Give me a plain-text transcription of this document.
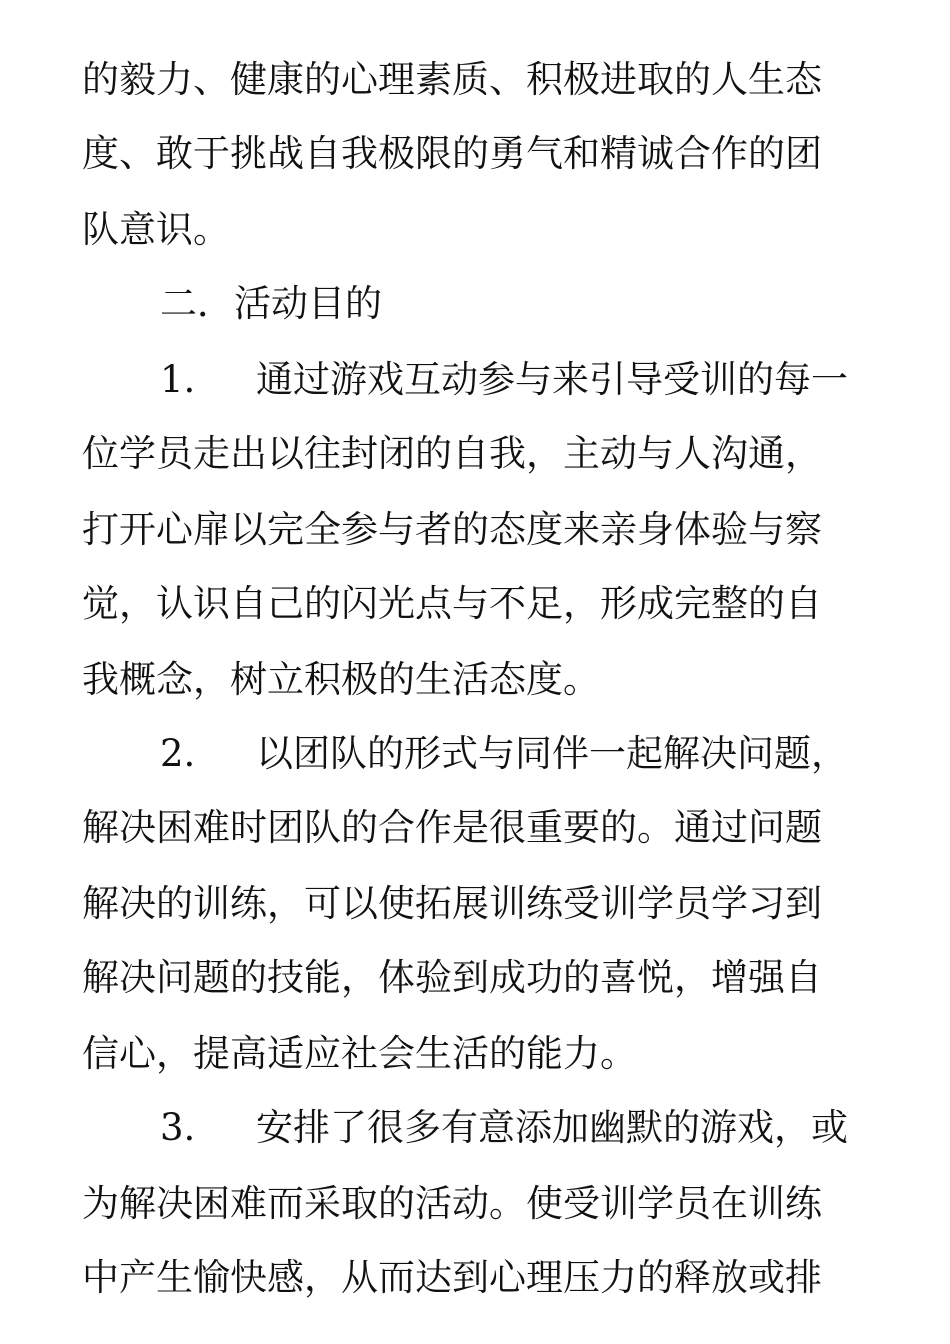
的毅力、健康的心理素质、积极进取的人生态
度、敢于挑战自我极限的勇气和精诚合作的团
队意识。
二．活动目的
1. 通过游戏互动参与来引导受训的每一
位学员走出以往封闭的自我，主动与人沟通，
打开心扉以完全参与者的态度来亲身体验与察
觉，认识自己的闪光点与不足，形成完整的自
我概念，树立积极的生活态度。
2. 以团队的形式与同伴一起解决问题，
解决困难时团队的合作是很重要的。通过问题
解决的训练，可以使拓展训练受训学员学习到
解决问题的技能，体验到成功的喜悦，增强自
信心，提高适应社会生活的能力。
3. 安排了很多有意添加幽默的游戏，或
为解决困难而采取的活动。使受训学员在训练
中产生愉快感，从而达到心理压力的释放或排
